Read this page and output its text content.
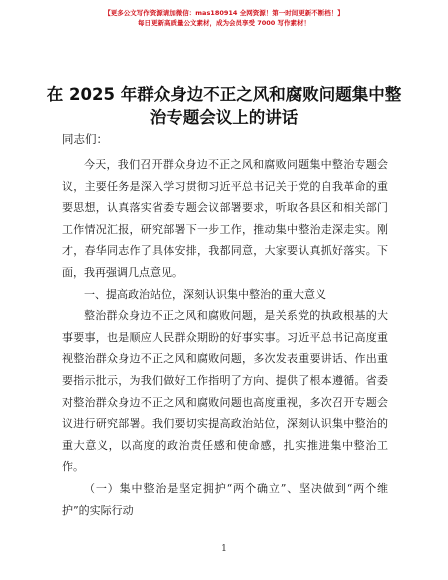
【更多公文写作资源请加微信：mas180914 全网资源！第一时间更新不断档！】
每日更新高质量公文素材，成为会员享受 7000 写作素材！
在 2025 年群众身边不正之风和腐败问题集中整治专题会议上的讲话
同志们：

今天，我们召开群众身边不正之风和腐败问题集中整治专题会议，主要任务是深入学习贯彻习近平总书记关于党的自我革命的重要思想，认真落实省委专题会议部署要求，听取各县区和相关部门工作情况汇报，研究部署下一步工作，推动集中整治走深走实。刚才，春华同志作了具体安排，我都同意，大家要认真抓好落实。下面，我再强调几点意见。

一、提高政治站位，深刻认识集中整治的重大意义

整治群众身边不正之风和腐败问题，是关系党的执政根基的大事要事，也是顺应人民群众期盼的好事实事。习近平总书记高度重视整治群众身边不正之风和腐败问题，多次发表重要讲话、作出重要指示批示，为我们做好工作指明了方向、提供了根本遵循。省委对整治群众身边不正之风和腐败问题也高度重视，多次召开专题会议进行研究部署。我们要切实提高政治站位，深刻认识集中整治的重大意义，以高度的政治责任感和使命感，扎实推进集中整治工作。

（一）集中整治是坚定拥护“两个确立”、坚决做到“两个维护”的实际行动

1
